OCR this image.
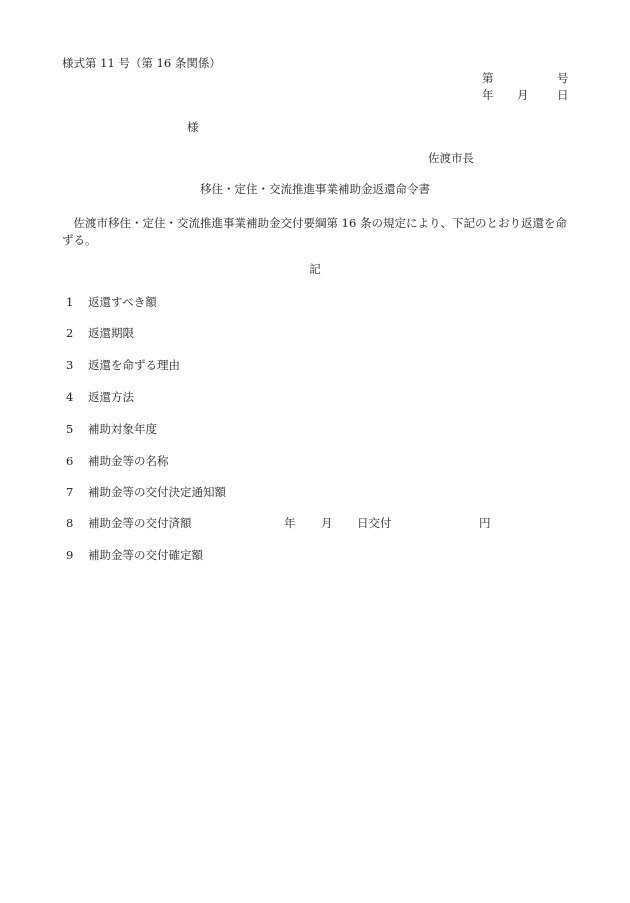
様式第 11 号（第 16 条関係）
第	号
年 月 日
様
佐渡市長
移住・定住・交流推進事業補助金返還命令書
佐渡市移住・定住・交流推進事業補助金交付要綱第 16 条の規定により、下記のとおり返還を命ずる。
記
1 返還すべき額
2 返還期限
3 返還を命ずる理由
4 返還方法
5 補助対象年度
6 補助金等の名称
7 補助金等の交付決定通知額
8 補助金等の交付済額	年 月 日交付	円
9 補助金等の交付確定額
